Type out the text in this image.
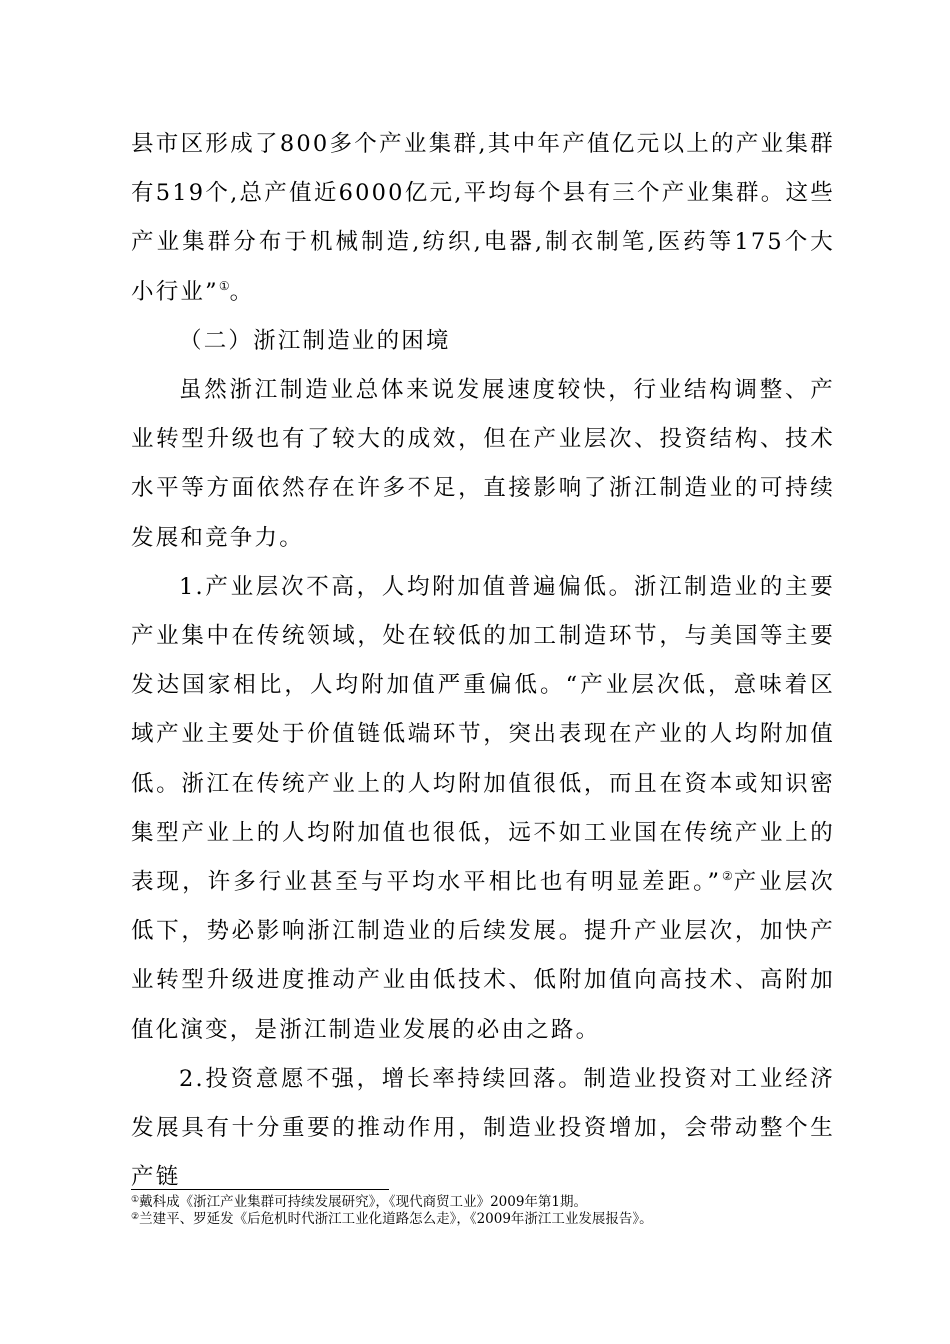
县市区形成了800多个产业集群,其中年产值亿元以上的产业集群有519个,总产值近6000亿元,平均每个县有三个产业集群。这些产业集群分布于机械制造,纺织,电器,制衣制笔,医药等175个大小行业”①。

（二）浙江制造业的困境

虽然浙江制造业总体来说发展速度较快，行业结构调整、产业转型升级也有了较大的成效，但在产业层次、投资结构、技术水平等方面依然存在许多不足，直接影响了浙江制造业的可持续发展和竞争力。

1.产业层次不高，人均附加值普遍偏低。浙江制造业的主要产业集中在传统领域，处在较低的加工制造环节，与美国等主要发达国家相比，人均附加值严重偏低。“产业层次低，意味着区域产业主要处于价值链低端环节，突出表现在产业的人均附加值低。浙江在传统产业上的人均附加值很低，而且在资本或知识密集型产业上的人均附加值也很低，远不如工业国在传统产业上的表现，许多行业甚至与平均水平相比也有明显差距。”②产业层次低下，势必影响浙江制造业的后续发展。提升产业层次，加快产业转型升级进度推动产业由低技术、低附加值向高技术、高附加值化演变，是浙江制造业发展的必由之路。

2.投资意愿不强，增长率持续回落。制造业投资对工业经济发展具有十分重要的推动作用，制造业投资增加，会带动整个生产链

①戴科成《浙江产业集群可持续发展研究》，《现代商贸工业》2009年第1期。

②兰建平、罗延发《后危机时代浙江工业化道路怎么走》，《2009年浙江工业发展报告》。
